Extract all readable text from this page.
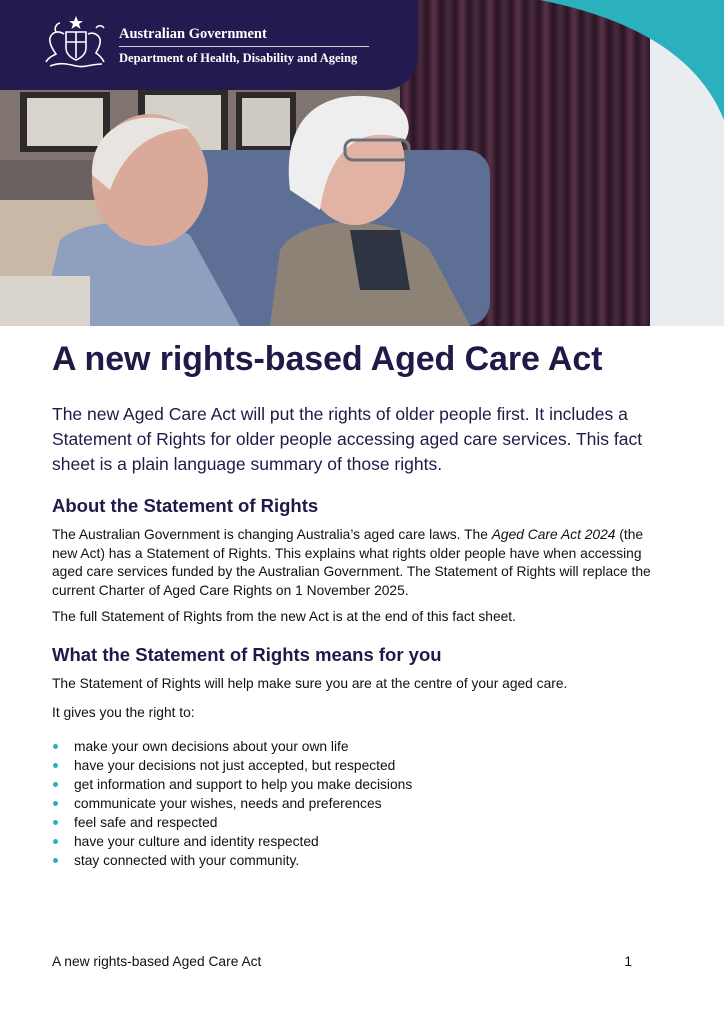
Australian Government
Department of Health, Disability and Ageing
A new rights-based Aged Care Act
The new Aged Care Act will put the rights of older people first. It includes a Statement of Rights for older people accessing aged care services. This fact sheet is a plain language summary of those rights.
About the Statement of Rights

The Australian Government is changing Australia’s aged care laws. The Aged Care Act 2024 (the new Act) has a Statement of Rights. This explains what rights older people have when accessing aged care services funded by the Australian Government. The Statement of Rights will replace the current Charter of Aged Care Rights on 1 November 2025.

The full Statement of Rights from the new Act is at the end of this fact sheet.

What the Statement of Rights means for you

The Statement of Rights will help make sure you are at the centre of your aged care.

It gives you the right to:

make your own decisions about your own life
have your decisions not just accepted, but respected
get information and support to help you make decisions
communicate your wishes, needs and preferences
feel safe and respected
have your culture and identity respected
stay connected with your community.
A new rights-based Aged Care Act	1
